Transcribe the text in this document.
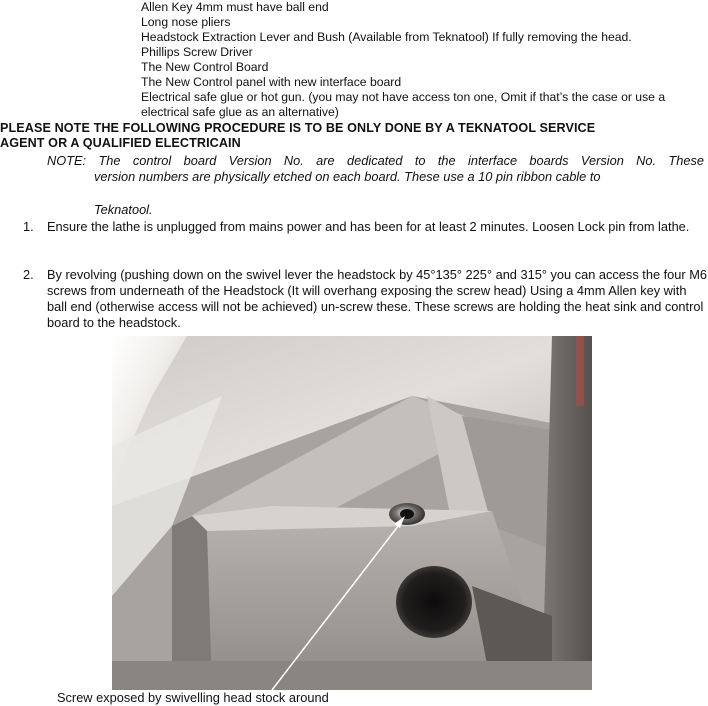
Allen Key 4mm must have ball end
Long nose pliers
Headstock Extraction Lever and Bush (Available from Teknatool) If fully removing the head.
Phillips Screw Driver
The New Control Board
The New Control panel with new interface board
Electrical safe glue or hot gun. (you may not have access ton one, Omit if that’s the case or use a electrical safe glue as an alternative)
PLEASE NOTE THE FOLLOWING PROCEDURE IS TO BE ONLY DONE BY A TEKNATOOL SERVICE
AGENT OR A QUALIFIED ELECTRICAIN
NOTE: The control board Version No. are dedicated to the interface boards Version No. These
version numbers are physically etched on each board. These use a 10 pin ribbon cable to
Teknatool.
1. Ensure the lathe is unplugged from mains power and has been for at least 2 minutes. Loosen Lock pin from lathe.
2. By revolving (pushing down on the swivel lever the headstock by 45°135° 225° and 315° you can access the four M6 screws from underneath of the Headstock (It will overhang exposing the screw head) Using a 4mm Allen key with ball end (otherwise access will not be achieved) un-screw these. These screws are holding the heat sink and control board to the headstock.
Screw exposed by swivelling head stock around
